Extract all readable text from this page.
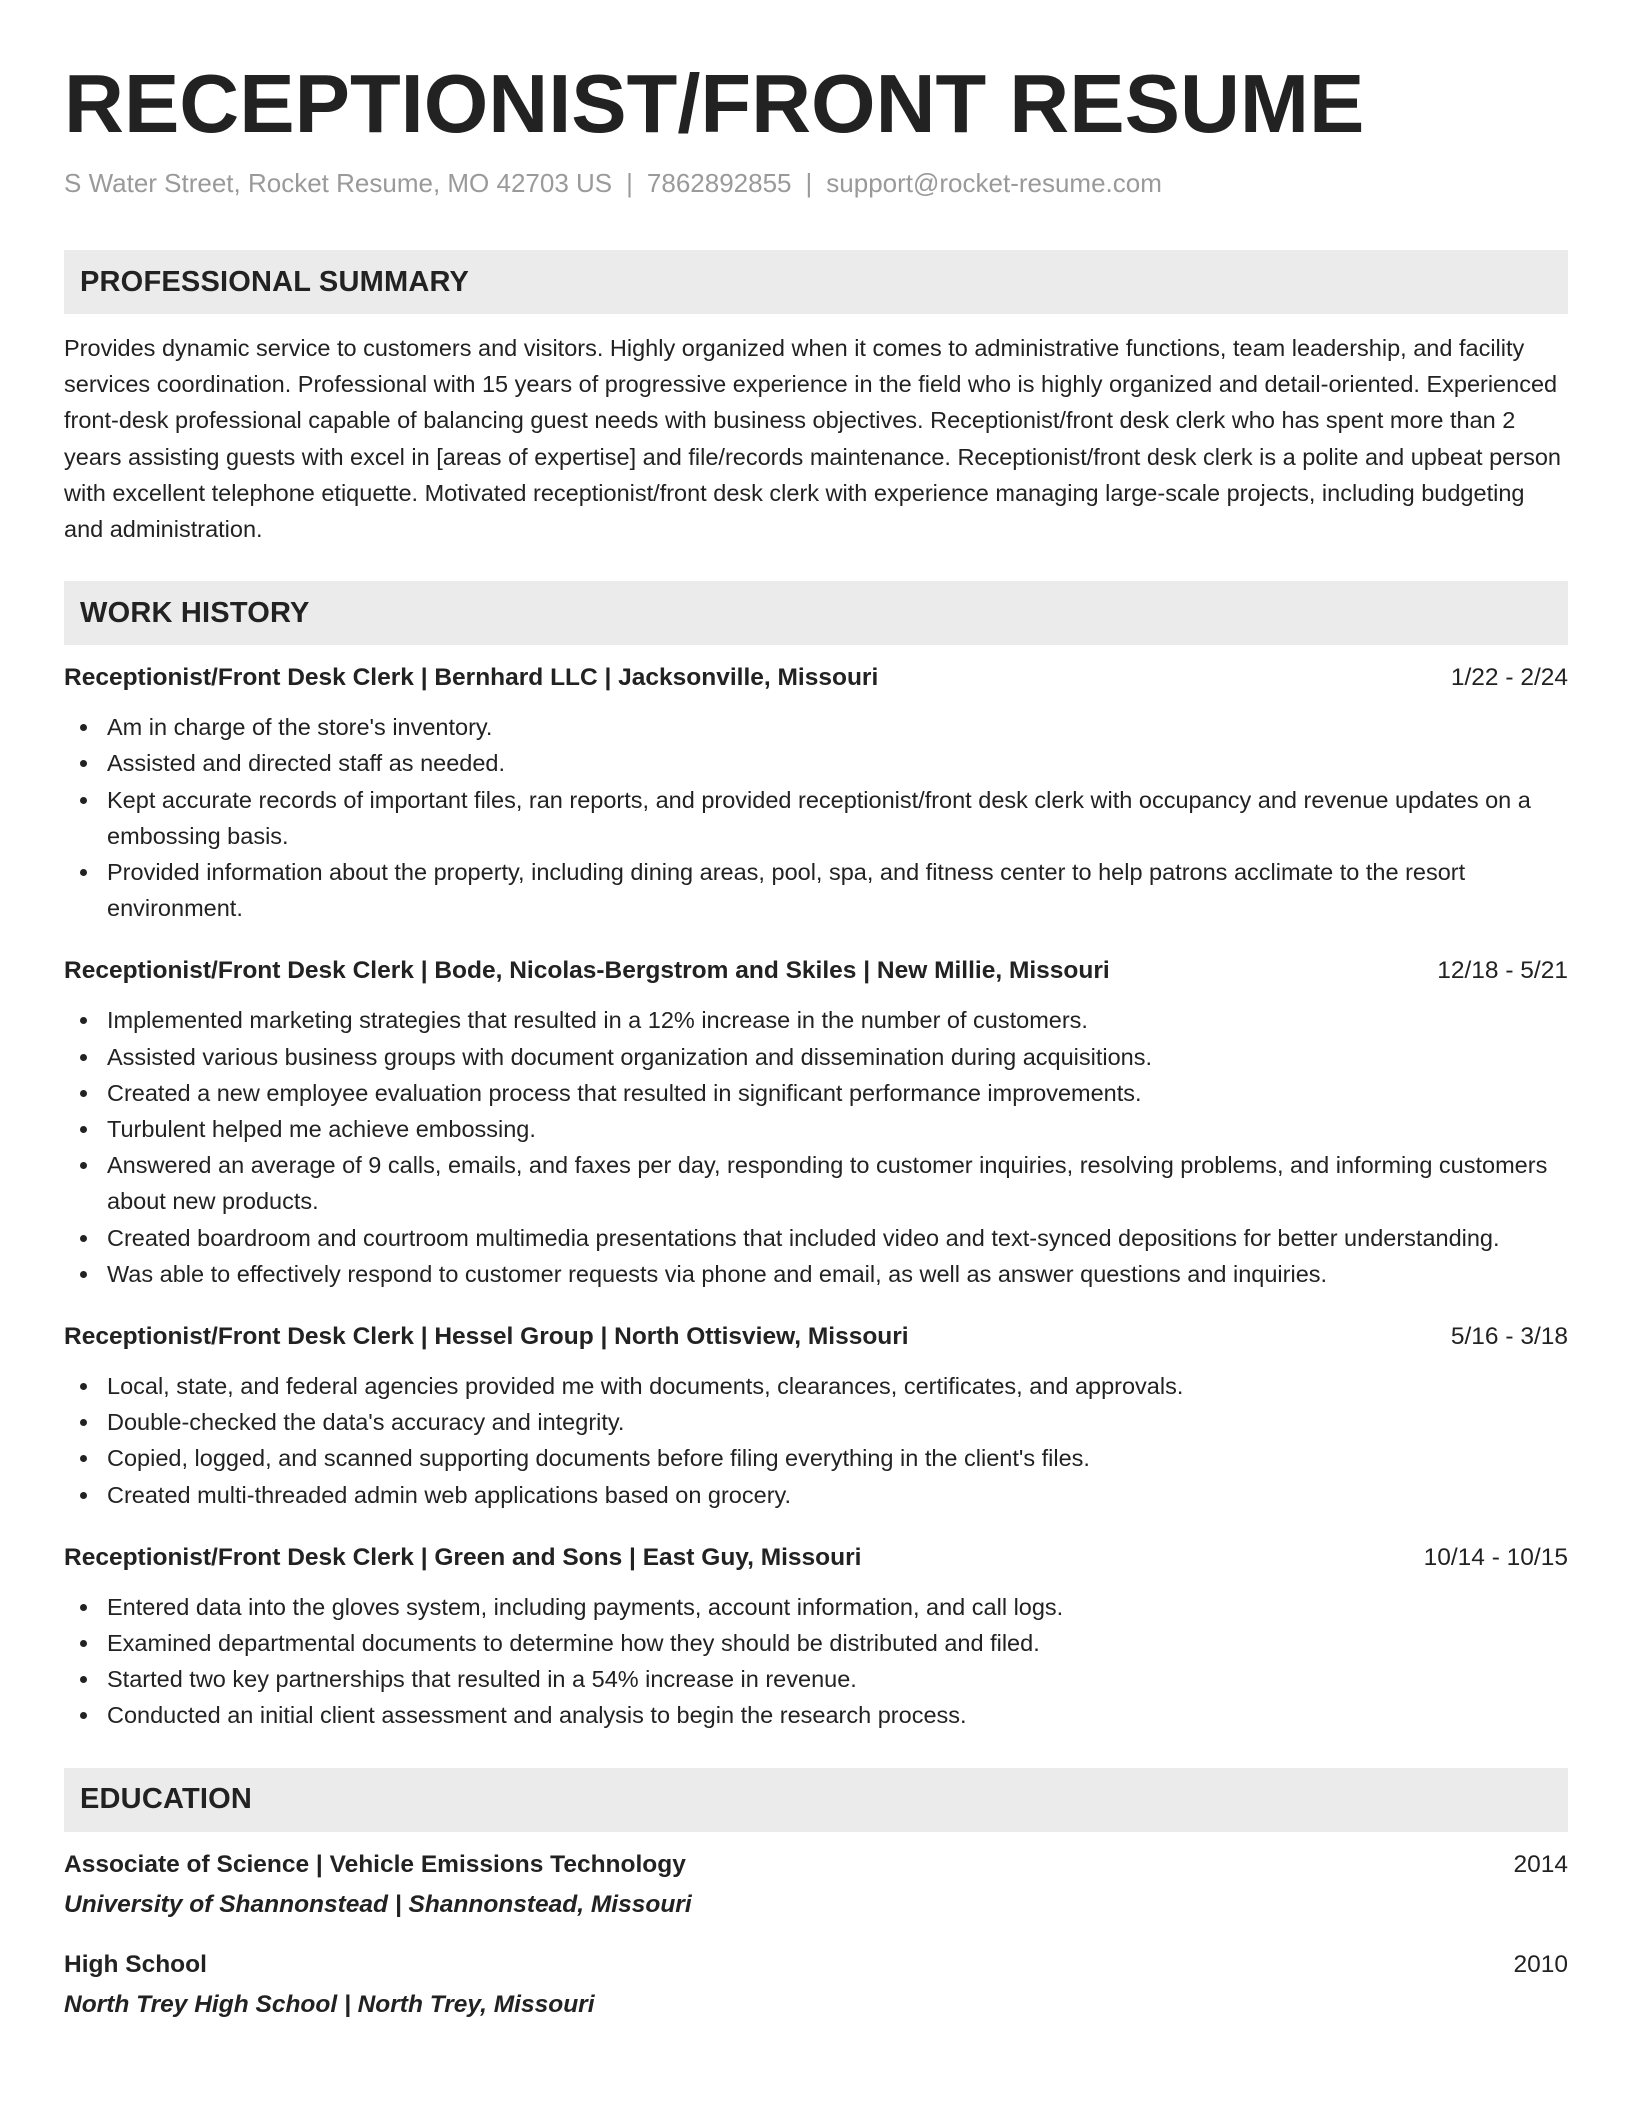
RECEPTIONIST/FRONT RESUME
S Water Street, Rocket Resume, MO 42703 US | 7862892855 | support@rocket-resume.com
PROFESSIONAL SUMMARY
Provides dynamic service to customers and visitors. Highly organized when it comes to administrative functions, team leadership, and facility services coordination. Professional with 15 years of progressive experience in the field who is highly organized and detail-oriented. Experienced front-desk professional capable of balancing guest needs with business objectives. Receptionist/front desk clerk who has spent more than 2 years assisting guests with excel in [areas of expertise] and file/records maintenance. Receptionist/front desk clerk is a polite and upbeat person with excellent telephone etiquette. Motivated receptionist/front desk clerk with experience managing large-scale projects, including budgeting and administration.
WORK HISTORY
Receptionist/Front Desk Clerk | Bernhard LLC | Jacksonville, Missouri	1/22 - 2/24
Am in charge of the store's inventory.
Assisted and directed staff as needed.
Kept accurate records of important files, ran reports, and provided receptionist/front desk clerk with occupancy and revenue updates on a embossing basis.
Provided information about the property, including dining areas, pool, spa, and fitness center to help patrons acclimate to the resort environment.
Receptionist/Front Desk Clerk | Bode, Nicolas-Bergstrom and Skiles | New Millie, Missouri	12/18 - 5/21
Implemented marketing strategies that resulted in a 12% increase in the number of customers.
Assisted various business groups with document organization and dissemination during acquisitions.
Created a new employee evaluation process that resulted in significant performance improvements.
Turbulent helped me achieve embossing.
Answered an average of 9 calls, emails, and faxes per day, responding to customer inquiries, resolving problems, and informing customers about new products.
Created boardroom and courtroom multimedia presentations that included video and text-synced depositions for better understanding.
Was able to effectively respond to customer requests via phone and email, as well as answer questions and inquiries.
Receptionist/Front Desk Clerk | Hessel Group | North Ottisview, Missouri	5/16 - 3/18
Local, state, and federal agencies provided me with documents, clearances, certificates, and approvals.
Double-checked the data's accuracy and integrity.
Copied, logged, and scanned supporting documents before filing everything in the client's files.
Created multi-threaded admin web applications based on grocery.
Receptionist/Front Desk Clerk | Green and Sons | East Guy, Missouri	10/14 - 10/15
Entered data into the gloves system, including payments, account information, and call logs.
Examined departmental documents to determine how they should be distributed and filed.
Started two key partnerships that resulted in a 54% increase in revenue.
Conducted an initial client assessment and analysis to begin the research process.
EDUCATION
Associate of Science | Vehicle Emissions Technology	2014
University of Shannonstead | Shannonstead, Missouri
High School	2010
North Trey High School | North Trey, Missouri
